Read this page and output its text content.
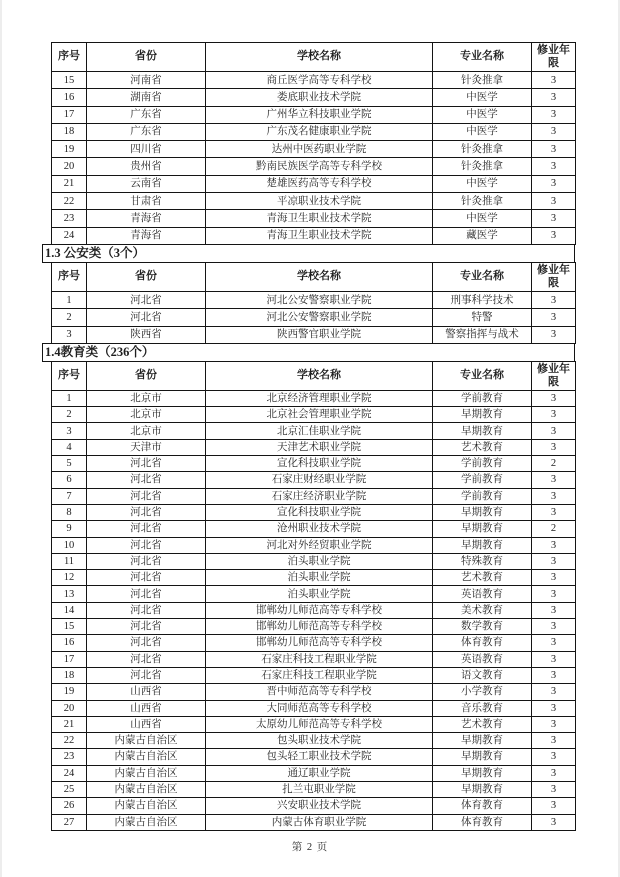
序号	省份	学校名称	专业名称	修业年限
15	河南省	商丘医学高等专科学校	针灸推拿	3
16	湖南省	娄底职业技术学院	中医学	3
17	广东省	广州华立科技职业学院	中医学	3
18	广东省	广东茂名健康职业学院	中医学	3
19	四川省	达州中医药职业学院	针灸推拿	3
20	贵州省	黔南民族医学高等专科学校	针灸推拿	3
21	云南省	楚雄医药高等专科学校	中医学	3
22	甘肃省	平凉职业技术学院	针灸推拿	3
23	青海省	青海卫生职业技术学院	中医学	3
24	青海省	青海卫生职业技术学院	藏医学	3
1.3 公安类（3个）
序号	省份	学校名称	专业名称	修业年限
1	河北省	河北公安警察职业学院	刑事科学技术	3
2	河北省	河北公安警察职业学院	特警	3
3	陕西省	陕西警官职业学院	警察指挥与战术	3
1.4教育类（236个）
序号	省份	学校名称	专业名称	修业年限
1	北京市	北京经济管理职业学院	学前教育	3
2	北京市	北京社会管理职业学院	早期教育	3
3	北京市	北京汇佳职业学院	早期教育	3
4	天津市	天津艺术职业学院	艺术教育	3
5	河北省	宣化科技职业学院	学前教育	2
6	河北省	石家庄财经职业学院	学前教育	3
7	河北省	石家庄经济职业学院	学前教育	3
8	河北省	宣化科技职业学院	早期教育	3
9	河北省	沧州职业技术学院	早期教育	2
10	河北省	河北对外经贸职业学院	早期教育	3
11	河北省	泊头职业学院	特殊教育	3
12	河北省	泊头职业学院	艺术教育	3
13	河北省	泊头职业学院	英语教育	3
14	河北省	邯郸幼儿师范高等专科学校	美术教育	3
15	河北省	邯郸幼儿师范高等专科学校	数学教育	3
16	河北省	邯郸幼儿师范高等专科学校	体育教育	3
17	河北省	石家庄科技工程职业学院	英语教育	3
18	河北省	石家庄科技工程职业学院	语文教育	3
19	山西省	晋中师范高等专科学校	小学教育	3
20	山西省	大同师范高等专科学校	音乐教育	3
21	山西省	太原幼儿师范高等专科学校	艺术教育	3
22	内蒙古自治区	包头职业技术学院	早期教育	3
23	内蒙古自治区	包头轻工职业技术学院	早期教育	3
24	内蒙古自治区	通辽职业学院	早期教育	3
25	内蒙古自治区	扎兰屯职业学院	早期教育	3
26	内蒙古自治区	兴安职业技术学院	体育教育	3
27	内蒙古自治区	内蒙古体育职业学院	体育教育	3
第 2 页
